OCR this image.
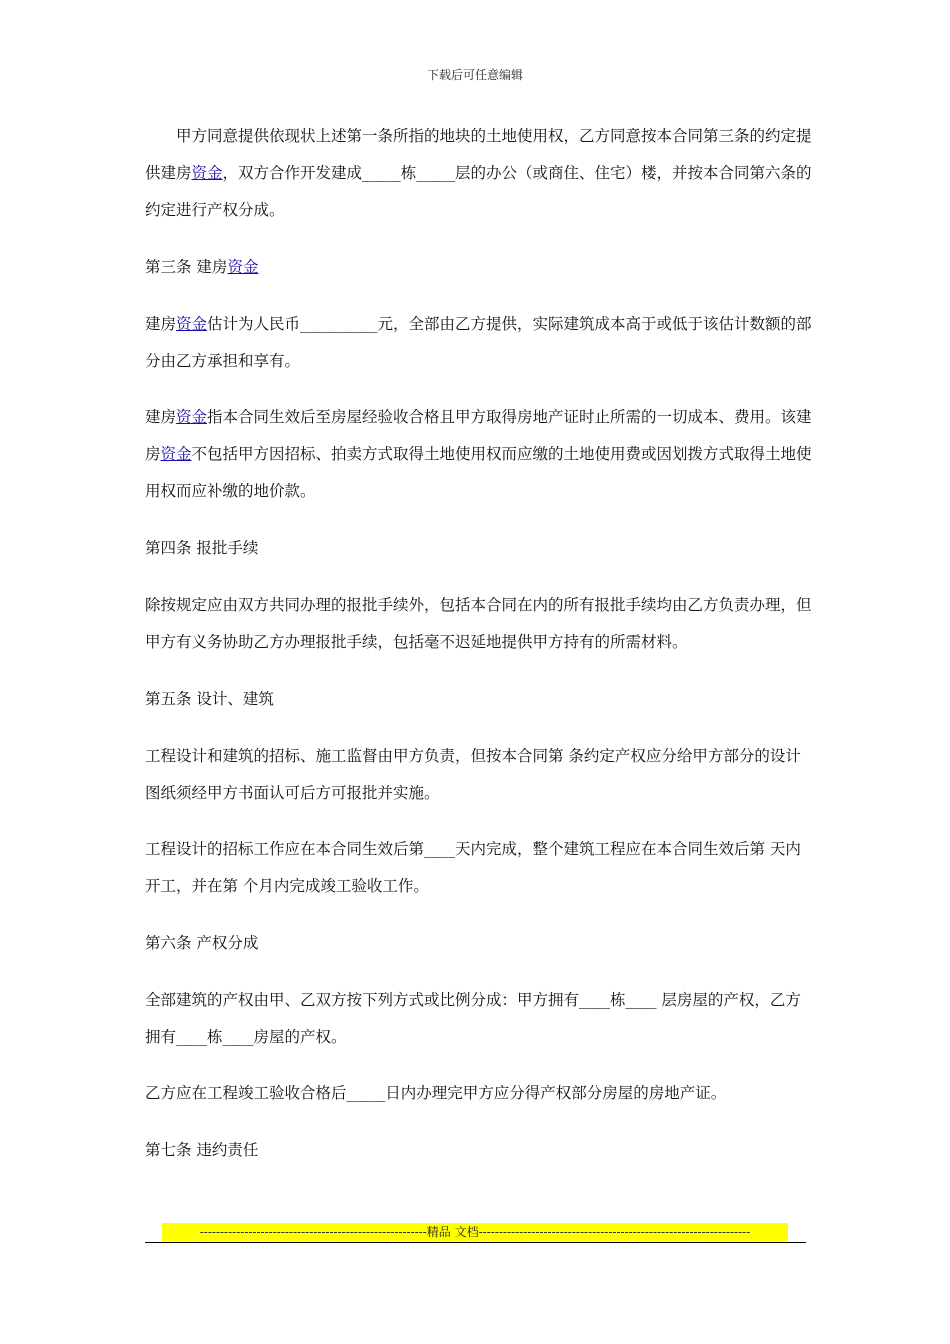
下载后可任意编辑

甲方同意提供依现状上述第一条所指的地块的土地使用权，乙方同意按本合同第三条的约定提供建房资金，双方合作开发建成_____栋_____层的办公（或商住、住宅）楼，并按本合同第六条的约定进行产权分成。

第三条 建房资金

建房资金估计为人民币__________元，全部由乙方提供，实际建筑成本高于或低于该估计数额的部分由乙方承担和享有。

建房资金指本合同生效后至房屋经验收合格且甲方取得房地产证时止所需的一切成本、费用。该建房资金不包括甲方因招标、拍卖方式取得土地使用权而应缴的土地使用费或因划拨方式取得土地使用权而应补缴的地价款。

第四条 报批手续

除按规定应由双方共同办理的报批手续外，包括本合同在内的所有报批手续均由乙方负责办理，但甲方有义务协助乙方办理报批手续，包括毫不迟延地提供甲方持有的所需材料。

第五条 设计、建筑

工程设计和建筑的招标、施工监督由甲方负责，但按本合同第 条约定产权应分给甲方部分的设计图纸须经甲方书面认可后方可报批并实施。

工程设计的招标工作应在本合同生效后第____天内完成，整个建筑工程应在本合同生效后第 天内开工，并在第 个月内完成竣工验收工作。

第六条 产权分成

全部建筑的产权由甲、乙双方按下列方式或比例分成：甲方拥有____栋____ 层房屋的产权，乙方拥有____栋____房屋的产权。

乙方应在工程竣工验收合格后_____日内办理完甲方应分得产权部分房屋的房地产证。

第七条 违约责任

--------------------------------------------------------精品 文档-------------------------------------------------------------------
